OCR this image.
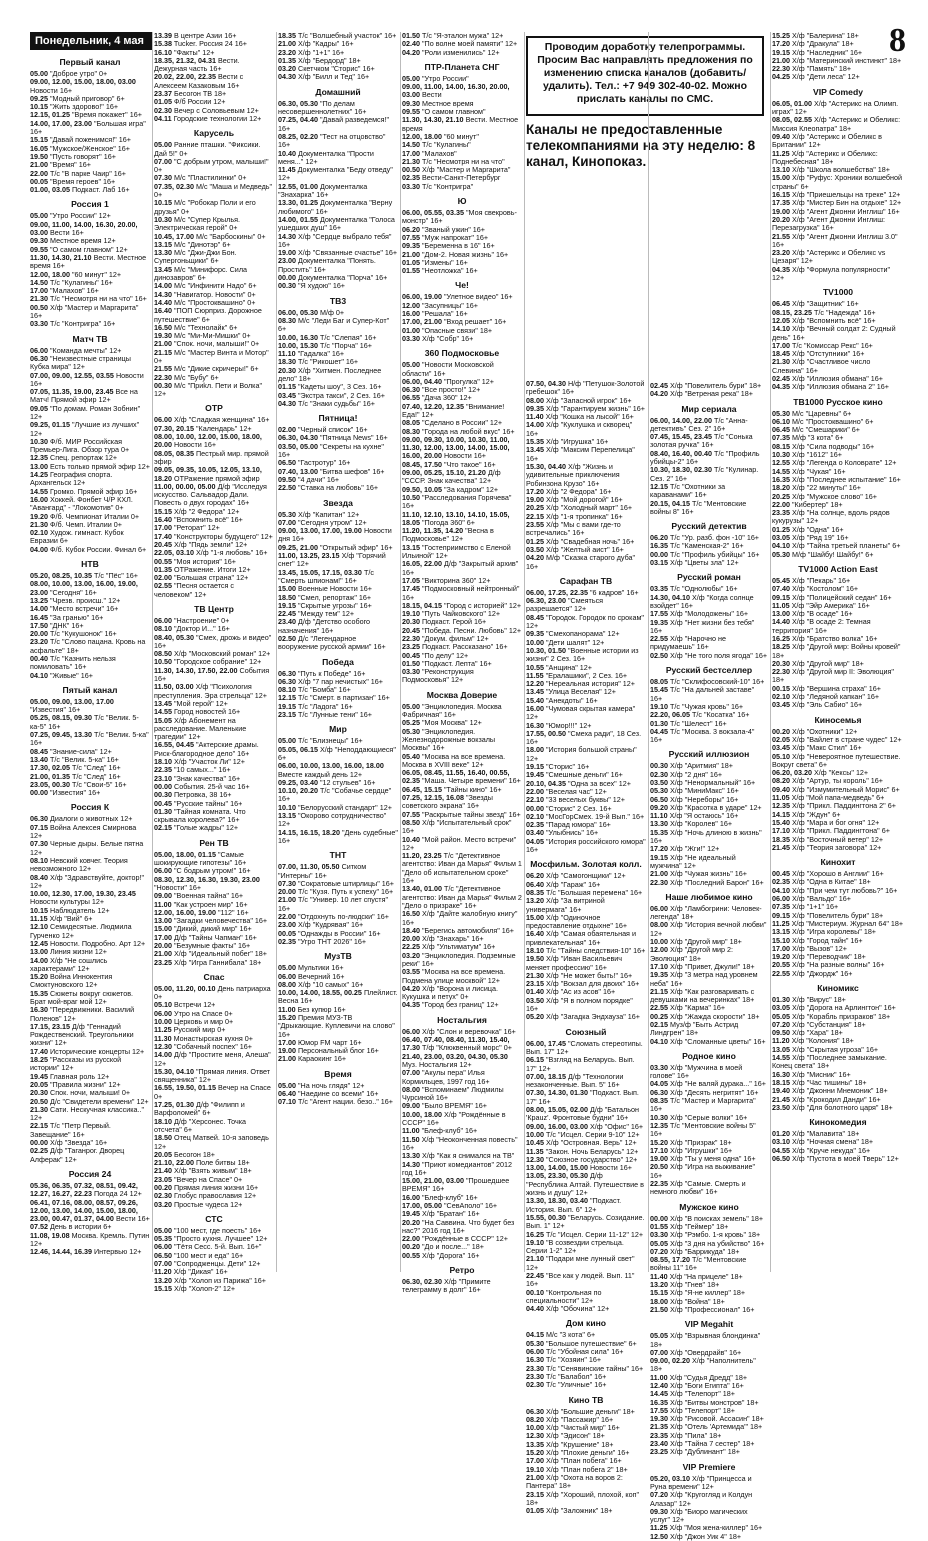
Понедельник, 4 мая	8
Проводим доработку телепрограммы. Просим Вас направлять предложения по изменению списка каналов (добавить/удалить). Тел.: +7 949 302-40-02. Можно прислать каналы по СМС.
Каналы не предоставленные телекомпаниями на эту неделю: 8 канал, Кинопоказ.
Первый канал
05.00 "Доброе утро" 0+
09.00, 12.00, 15.00, 18.00, 03.00 Новости 16+
09.25 "Модный приговор" 6+
10.15 "Жить здорово!" 16+
12.15, 01.25 "Время покажет" 16+
14.00, 17.00, 23.00 "Большая игра" 16+
15.15 "Давай поженимся!" 16+
16.05 "Мужское/Женское" 16+
19.50 "Пусть говорят" 16+
21.00 "Время" 16+
22.00 Т/с "В парке Чаир" 16+
00.05 "Время героев" 16+
01.00, 03.05 Подкаст. Лаб 16+
Россия 1
05.00 "Утро России" 12+
09.00, 11.00, 14.00, 16.30, 20.00, 03.00 Вести 16+
09.30 Местное время 12+
09.55 "О самом главном" 12+
11.30, 14.30, 21.10 Вести. Местное время 16+
12.00, 18.00 "60 минут" 12+
14.50 Т/с "Кулагины" 16+
17.00 "Малахов" 16+
21.30 Т/с "Несмотря ни на что" 16+
00.50 Х/ф "Мастер и Маргарита" 16+
03.30 Т/с "Контригра" 16+
Матч ТВ
06.00 "Команда мечты" 12+
06.30 "Неизвестные страницы Кубка мира" 12+
07.00, 09.00, 12.55, 03.55 Новости 16+
07.05, 11.35, 19.00, 23.45 Все на Матч! Прямой эфир 12+
09.05 "По домам. Роман Зобнин" 12+
09.25, 01.15 "Лучшие из лучших" 12+
10.30 Ф/б. МИР Российская Премьер-Лига. Обзор тура 0+
12.35 Спец. репортаж 12+
13.00 Есть только прямой эфир 12+
14.25 География спорта. Архангельск 12+
14.55 Громко. Прямой эфир 16+
16.00 Хоккей. Фонбет Ч/Р КХЛ. "Авангард" - "Локомотив" 0+
19.20 Ф/б. Чемпионат Италии 0+
21.30 Ф/б. Чемп. Италии 0+
02.10 Худож. гимнаст. Кубок Евразии 6+
04.00 Ф/б. Кубок России. Финал 6+
НТВ
05.20, 08.25, 10.35 Т/с "Пёс" 16+
08.00, 10.00, 13.00, 16.00, 19.00, 23.00 "Сегодня" 16+
13.25 "Чрезв. происш." 12+
14.00 "Место встречи" 16+
16.45 "За гранью" 16+
17.50 "ДНК" 16+
20.00 Т/с "Кукушонок" 16+
23.20 Т/с "Слово пацана. Кровь на асфальте" 18+
00.40 Т/с "Казнить нельзя помиловать" 16+
04.10 "Живые" 16+
Пятый канал
05.00, 09.00, 13.00, 17.00 "Известия" 16+
05.25, 08.15, 09.30 Т/с "Велик. 5-ка-5" 16+
07.25, 09.45, 13.30 Т/с "Велик. 5-ка" 16+
08.45 "Знание-сила" 12+
13.40 Т/с "Велик. 5-ка" 16+
17.30, 02.05 Т/с "След" 16+
21.00, 01.35 Т/с "След" 16+
23.05, 00.30 Т/с "Свои-5" 16+
00.00 "Известия" 16+
Россия К
06.30 Диалоги о животных 12+
07.15 Война Алексея Смирнова 12+
07.30 Черные дыры. Белые пятна 12+
08.10 Невский ковчег. Теория невозможного 12+
08.40 Х/ф "Здравствуйте, доктор!" 12+
10.00, 12.30, 17.00, 19.30, 23.45 Новости культуры 12+
10.15 Наблюдатель 12+
11.15 Х/ф "Вий" 6+
12.10 Семидесятые. Людмила Гурченко 12+
12.45 Новости. Подробно. Арт 12+
13.00 Линия жизни 12+
14.00 Х/ф "Не сошлись характерами" 12+
15.20 Война Иннокентия Смоктуновского 12+
15.35 Сюжеты вокруг сюжетов. Брат мой-враг мой 12+
16.30 "Передвижники. Василий Поленов" 12+
17.15, 23.15 Д/ф "Геннадий Рождественский. Треугольники жизни" 12+
17.40 Исторические концерты 12+
18.25 "Рассказы из русской истории" 12+
19.45 Главная роль 12+
20.05 "Правила жизни" 12+
20.30 Спок. ночи, малыши! 0+
20.50 Д/с "Свидетели времени" 12+
21.30 Сати. Нескучная классика.." 12+
22.15 Т/с "Петр Первый. Завещание" 16+
00.00 Х/ф "Звезда" 16+
02.25 Д/ф "Таганрог. Дворец Алферак" 12+
Россия 24
05.36, 06.35, 07.32, 08.51, 09.42, 12.27, 16.27, 22.23 Погода 24 12+
06.41, 07.16, 08.00, 08.57, 09.26, 12.00, 13.00, 14.00, 15.00, 18.00, 23.00, 00.47, 01.37, 04.00 Вести 16+
07.52 День в истории 6+
11.08, 19.08 Москва. Кремль. Путин 12+
12.46, 14.44, 16.39 Интервью 12+
13.39 В центре Азии 16+
15.38 Tucker. Россия 24 16+
16.10 "Факты" 12+
18.35, 21.32, 04.31 Вести. Дежурная часть 16+
20.02, 22.00, 22.35 Вести с Алексеем Казаковым 16+
23.37 Бесогон ТВ 18+
01.05 Ф/б России 12+
02.30 Вечер с Соловьевым 12+
04.11 Городские технологии 12+
Карусель
05.00 Ранние пташки. "Фиксики. Дай 5!" 0+
07.00 "С добрым утром, малыши!" 0+
07.30 М/с "Пластилинки" 0+
07.35, 02.30 М/с "Маша и Медведь" 0+
10.15 М/с "Робокар Поли и его друзья" 0+
10.30 М/с "Супер Крылья. Электрическая герой" 0+
10.45, 17.00 М/с "Барбоскины" 0+
13.15 М/с "Динотэр" 6+
13.30 М/с "Джи-Джи Бон. Супергоньщики" 6+
13.45 М/с "Минифорс. Сила динозавров" 6+
14.00 М/с "Инфинити Надо" 6+
14.30 "Навигатор. Новости" 0+
14.40 М/с "Простоквашино" 0+
16.40 "ПОП Сюрприз. Дорожное путешествие" 6+
16.50 М/с "Технолайк" 6+
19.30 М/с "Ми-Ми-Мишки" 0+
21.00 "Спок. ночи, малыши!" 0+
21.15 М/с "Мастер Винта и Мотор" 0+
21.55 М/с "Дикие скричеры!" 6+
22.30 М/с "Бубу" 6+
00.30 М/с "Приkл. Пети и Волка" 12+
ОТР
06.00 Х/ф "Сладкая женщина" 16+
07.30, 20.15 "Календарь" 12+
08.00, 10.00, 12.00, 15.00, 18.00, 20.00 Новости 16+
08.05, 08.35 Пестрый мир. прямой эфир
09.05, 09.35, 10.05, 12.05, 13.10, 18.20 ОТРажение прямой эфир
11.00, 00.00, 05.00 Д/ф "Исследуя искусство. Сальвадор Дали. Повесть о двух городах" 16+
15.15 Х/ф "2 Федора" 12+
16.40 "Вспомнить всё" 16+
17.00 "Реторат" 12+
17.40 "Конструкторы будущего" 12+
20.45 Х/ф "Пядь земли" 12+
22.05, 03.10 Х/ф "1-я любовь" 16+
00.55 "Моя история" 16+
01.35 ОТРажение. Итоги 12+
02.00 "Большая страна" 12+
02.55 "Песня остается с человеком" 12+
ТВ Центр
06.00 "Настроение" 0+
08.10 "Доктор И..." 16+
08.40, 05.30 "Смех, дрожь и видео" 16+
08.50 Х/ф "Московский роман" 12+
10.50 "Городское собрание" 12+
11.30, 14.30, 17.50, 22.00 События 16+
11.50, 03.00 Х/ф "Психология преступления. Эра стрельца" 12+
13.45 "Мой герой" 12+
14.55 Город новостей 16+
15.05 Х/ф Абонемент на расследование. Маленькие трагедии" 12+
16.55, 04.45 "Актерские драмы. Риск-благородное дело" 16+
18.10 Х/ф "Участок Ли" 12+
22.35 "10 самых..." 16+
23.10 "Знак качества" 16+
00.00 События. 25-й час 16+
00.30 Петровка, 38 16+
00.45 "Русские тайны" 16+
01.30 "Тайная комната. Что скрывала королева?" 16+
02.15 "Голые жадры" 12+
Рен ТВ
05.00, 18.00, 01.15 "Самые шокирующие гипотезы" 16+
06.00 "С бодрым утром!" 16+
08.30, 12.30, 16.30, 19.30, 23.00 "Новости" 16+
09.00 "Военная тайна" 16+
11.00 "Как устроен мир" 16+
12.00, 16.00, 19.00 "112" 16+
13.00 "Загадки человечества" 16+
15.00 "Дикий, дикий мир" 16+
17.00 Д/ф "Тайны Чапман" 16+
20.00 "Безумные факты" 16+
21.00 Х/ф "Идеальный побег" 18+
23.25 Х/ф "Игра Ганнибала" 18+
Спас
05.00, 11.20, 00.10 День патриарха 0+
05.10 Встречи 12+
06.00 Утро на Спасе 0+
10.00 Церковь и мир 0+
11.25 Русский мир 0+
11.30 Монастырская кухня 0+
12.30 "Собачный поспех" 16+
14.00 Д/ф "Простите меня, Алеша" 12+
15.30, 04.10 "Прямая линия. Ответ священника" 12+
16.55, 19.50, 01.15 Вечер на Спасе 0+
17.25, 01.30 Д/ф "Филипп и Варфоломей" 6+
18.10 Д/ф "Херсонес. Точка отсчета" 6+
18.50 Отец Матвей. 10-я заповедь 12+
20.05 Бесогон 18+
21.10, 22.00 Поле битвы 18+
21.40 Х/ф "Взять живым" 18+
23.05 "Вечер на Спасе" 0+
00.20 Прямая линия жизни 16+
02.30 Глобус православия 12+
03.20 Простые чудеса 12+
СТС
05.00 "100 мест, где поесть" 16+
05.35 "Просто кухня. Лучшее" 12+
06.00 "Тётя Сесс. 5-й. Вып. 16+"
06.50 "100 мест и еда" 16+
07.00 "Сопродженцы. Дети" 12+
11.20 Х/ф "Дикая" 16+
13.20 Х/ф "Холоп из Парижа" 16+
15.15 Х/ф "Холоп-2" 12+
18.35 Т/с "Волшебный участок" 16+
21.00 Х/ф "Кадры" 16+
23.20 Х/ф "1+1" 16+
01.35 Х/ф "Бердорд" 18+
03.20 Скетчком "Сторис" 16+
04.30 Х/ф "Билл и Тед" 16+
Домашний
06.30, 05.30 "По делам несовершеннолетних" 16+
07.25, 04.40 "Давай разведемся!" 16+
08.25, 02.20 "Тест на отцовство" 16+
10.40 Документалка "Прости меня..." 12+
11.45 Документалка "Беду отведу" 12+
12.55, 01.00 Документалка "Знахарка" 16+
13.30, 01.25 Документалка "Верну любимого" 16+
14.00, 01.55 Документалка "Голоса ушедших душ" 16+
14.30 Х/ф "Сердце выбрало тебя" 16+
19.00 Х/ф "Связанные счастье" 16+
23.00 Документалка "Понять. Простить" 16+
00.00 Документалка "Порча" 16+
00.30 "Я худою" 16+
ТВ3
06.00, 05.30 М/ф 0+
08.30 М/с "Леди Баг и Супер-Кот" 6+
10.00, 16.30 Т/с "Слепая" 16+
10.00, 15.30 Т/с "Порча" 16+
11.10 "Гадалка" 16+
18.30 Т/с "Рикошет" 16+
20.30 Х/ф "Хитмен. Последнее дело" 18+
01.15 "Кадеты шоу", 3 Сез. 16+
03.45 "Экстра такси", 2 Сез. 16+
04.30 Т/с "Знаки судьбы" 16+
Пятница!
02.00 "Черный список" 16+
06.30, 04.30 "Пятница News" 16+
03.50, 05.00 "Секреты на кухне" 16+
06.50 "Гастротур" 16+
07.40, 13.00 "Битва шефов" 16+
09.50 "4 дачи" 16+
22.50 "Ставка на любовь" 16+
Звезда
05.30 Х/ф "Капитан" 12+
07.00 "Сегодня утром" 12+
09.00, 13.00, 17.00, 19.00 Новости дня 16+
09.25, 21.00 "Открытый эфир" 16+
11.00, 13.25, 23.15 Х/ф "Горячий снег" 12+
13.45, 15.05, 17.15, 03.30 Т/с "Смерть шпионам!" 16+
15.00 Военные Новости 16+
18.50 "Смел, репортаж" 16+
19.15 "Скрытые угрозы" 16+
22.45 "Между тем" 12+
23.40 Д/ф "Детство особого назначения" 16+
02.50 Д/с "Легендарное вооружение русской армии" 16+
Победа
06.30 "Путь к Победе" 16+
06.30 Х/ф "7 пар нечистых" 16+
08.10 Т/с "Бомба" 16+
12.15 Т/с "Смерт. в партизан" 16+
19.15 Т/с "Ладога" 16+
23.15 Т/с "Лунные тени" 16+
Мир
05.00 Т/с "Близнецы" 16+
05.05, 06.15 Х/ф "Неподдающиеся" 6+
06.00, 10.00, 13.00, 16.00, 18.00 Вместе каждый день 12+
09.25, 03.40 "12 стульев" 16+
10.10, 20.20 Т/с "Собачье сердце" 16+
10.10 "Белорусский стандарт" 12+
13.15 "Окорово сотрудничество" 12+
14.15, 16.15, 18.20 "День судебные" 16+
ТНТ
07.00, 11.30, 05.50 Ситком "Интерны" 16+
07.30 "Сократовые штирлицы" 16+
20.00 Т/с "Кузя. Путь к успеху" 16+
21.00 Т/с "Универ. 10 лет спустя" 16+
22.00 "Отдохнуть по-людски" 16+
23.00 Х/ф "Кудрявая" 16+
00.05 "Однажды в России" 16+
02.35 "Угро ТНТ 2026" 16+
МузТВ
05.00 Мультики 16+
06.00 Вечерний 16+
08.00 Х/ф "10 самых" 16+
10.00, 14.00, 18.55, 00.25 Плейлист. Весна 16+
11.00 Без купюр 16+
15.20 Премия МУЗ-ТВ "Дрыкающие. Куплевичи на слово" 16+
17.00 Юмор FM чарт 16+
19.00 Персональный блог 16+
21.00 Караокинг 16+
Время
05.00 "На ночь глядя" 12+
06.40 "Наедине со всеми" 16+
07.10 Т/с "Агент нации. безо.." 16+
01.50 Т/с "Я-эталон мужа" 12+
02.40 "По волне моей памяти" 12+
04.20 "Роли изменились" 12+
ПТР-Планета СНГ
05.00 "Утро России"
09.00, 11.00, 14.00, 16.30, 20.00, 03.00 Вести
09.30 Местное время
09.55 "О самом главном"
11.30, 14.30, 21.10 Вести. Местное время
12.00, 18.00 "60 минут"
14.50 Т/с "Кулагины"
17.00 "Малахов"
21.30 Т/с "Несмотря ни на что"
00.50 Х/ф "Мастер и Маргарита"
02.35 Вести-Санкт-Петербург
03.30 Т/с "Контригра"
Ю
06.00, 05.55, 03.35 "Моя свекровь-монстр" 16+
06.20 "Званый ужин" 16+
07.55 "Муж напрокат" 16+
09.35 "Беременна в 16" 16+
21.00 "Дом-2. Новая жизнь" 16+
01.05 "Измены" 16+
01.55 "Неотложка" 16+
Че!
06.00, 19.00 "Улетное видео" 16+
12.00 "Засупницы" 16+
16.00 "Решала" 16+
17.00, 21.00 "Вход решает" 16+
01.00 "Опасные связи" 18+
03.30 Х/ф "Собр" 16+
360 Подмосковье
05.00 "Новости Московской области" 16+
06.00, 04.40 "Прогулка" 12+
06.30 "Все просто!" 12+
06.55 "Дача 360" 12+
07.40, 12.20, 12.35 "Внимание! Еда!" 12+
08.05 "Сделано в России" 12+
08.30 "Города на любой вкус" 16+
09.00, 09.30, 10.00, 10.30, 11.00, 11.30, 12.00, 13.00, 14.00, 15.00, 16.00, 20.00 Новости 16+
08.45, 17.50 "Что такое" 16+
09.00, 05.25, 15.10, 21.20 Д/ф "СССР. Знак качества" 12+
09.50, 10.05 "За кадром" 12+
10.50 "Расследования Горячева" 16+
11.10, 12.10, 13.10, 14.10, 15.05, 18.05 "Погода 360" 6+
11.20, 11.35, 14.20 "Весна в Подмосковье" 12+
13.15 "Гостеприимство с Еленой Ильиной" 12+
16.05, 22.00 Д/ф "Закрытый архив" 16+
17.05 "Викторина 360" 12+
17.45 "Подмосковный нейтронный" 16+
18.15, 04.15 "Город с историей" 12+
19.10 "Путь Чайковского" 12+
20.30 Подкаст. Герой 16+
20.45 "Победа. Песни. Любовь" 12+
22.30 "Докум. фильм" 12+
23.25 Подкаст. Рассказано" 16+
00.45 "По делу" 12+
01.50 "Подкаст. Лепта" 16+
03.30 "Реконструкция Подмосковья" 12+
Москва Доверие
05.00 "Энциклопедия. Москва Фабричная" 16+
05.25 "Моя Москва" 12+
05.30 "Энциклопедия. Железнодорожные вокзалы Москвы" 16+
05.40 "Москва на все времена. Москва в XVIII веке" 12+
06.05, 08.45, 11.55, 16.40, 00.55, 02.35 "Маша. Четыре времени" 16+
06.45, 15.15 "Тайны кино" 16+
07.25, 12.15, 16.08 "Звезды советского экрана" 16+
07.55 "Раскрытые тайны звезд" 16+
08.50 Х/ф "Испытательный срок" 16+
10.40 "Мой район. Место встречи" 12+
11.20, 23.25 Т/с "Детективное агентство: Иван да Марья" Фильм 1 "Дело об испытательном сроке" 16+
13.40, 01.00 Т/с "Детективное агентство: Иван да Марья" Фильм 2 "Дело о призраке" 16+
16.50 Х/ф "Дайте жалобную книгу" 16+
18.40 "Берегись автомобиля" 16+
20.00 Х/ф "Знахарь" 16+
22.25 Х/ф "Ультиматум" 16+
03.20 "Энциклопедия. Подземные реки" 16+
03.55 "Москва на все времена. Подмена улице москвой" 12+
04.20 Х/ф "Ворона и лисица. Кукушка и петух" 0+
04.35 "Город без границ" 12+
Ностальгия
06.00 Х/ф "Слон и веревочка" 16+
06.40, 07.40, 08.40, 11.30, 15.40, 17.30 Т/ф "Клюквенный морс" 0+
21.40, 23.00, 03.20, 04.30, 05.30 Муз. Ностальгия 12+
07.00 "Акулы пера" Илья Кормильцев, 1997 год 16+
08.00 "Вспоминаем" Людмилы Чурсиной 16+
09.00 "Было ВРЕМЯ" 16+
10.00, 18.00 Х/ф "Рождённые в СССР" 16+
11.00 "Блеф-клуб" 16+
11.50 Х/ф "Неоконченная повесть" 16+
13.30 Х/ф "Как я снимался на ТВ"
14.30 "Приют комедиантов" 2012 год 16+
15.00, 21.00, 03.00 "Прошедшее ВРЕМЯ" 16+
16.00 "Блеф-клуб" 16+
17.00, 05.00 "СевАполо" 16+
19.45 Х/ф "Братан" 16+
20.20 "На Саввина. Что будет без нас?" 2016 год 16+
22.00 "Рождённые в СССР" 12+
00.20 "До и после..." 18+
00.55 Х/ф "Дорога" 16+
Ретро
06.30, 02.30 Х/ф "Примите телеграмму в долг" 16+
07.50, 04.30 Н/ф "Петушок-Золотой гребешок" 16+
08.00 Х/ф "Запасной игрок" 16+
09.35 Х/ф "Гарантируем жизнь" 16+
11.40 Х/ф "Кошка на лысой" 16+
14.00 Х/ф "Куклушка и скворец" 16+
15.35 Х/ф "Игрушка" 16+
13.45 Х/ф "Максим Перепелица" 16+
15.30, 04.40 Х/ф "Жизнь и удивительные приключения Робинзона Крузо" 16+
17.20 Х/ф "2 Федора" 16+
19.00 Х/ф "Мой дорогой" 16+
20.25 Х/ф "Холодный март" 16+
22.15 Х/ф "1-я тропинка" 16+
23.55 Х/ф "Мы с вами где-то встречались" 16+
01.25 Х/ф "Свадебная ночь" 16+
03.50 Х/ф "Желтый аист" 16+
04.20 М/ф "Сказка старого дуба" 16+
Сарафан ТВ
06.00, 17.25, 22.35 "6 кадров" 16+
06.30, 23.00 "Смеяться разрешается" 12+
08.45 "Городок. Городок по срокам" 12+
09.35 "Смехопанорама" 12+
10.00 "Дети шалят" 12+
10.30, 01.50 "Военные истории из жизни" 2 Сез. 16+
10.55 "Анщина" 12+
11.55 "Ералашики", 2 Сез. 16+
12.20 "Нереальная история" 12+
13.45 "Улица Веселая" 12+
15.40 "Анекдоты" 16+
16.00 "Чумовая скрытая камера" 12+
16.30 "Юмор!!!" 12+
17.55, 00.50 "Смеха ради", 18 Сез. 16+
18.00 "История большой страны" 12+
19.15 "Сторис" 16+
19.45 "Смешные деньги" 16+
20.10, 04.35 "Одна за всех" 12+
22.00 "Веселая час" 12+
22.10 "33 веселых буквы" 12+
00.00 "Сторис" 2 Сез. 16+
02.10 "МосГорСмех. 19-й Вып." 16+
02.35 "Парад юмора" 16+
03.40 "Улыбнись" 16+
04.05 "История российского юмора" 16+
Мосфильм. Золотая колл.
06.20 Х/ф "Самогонщики" 12+
06.40 Х/ф "Гараж" 16+
08.35 Т/с "Большая перемена" 16+
13.20 Х/ф "За витриной универмага" 16+
15.00 Х/ф "Одиночное предоставление отдыхне" 16+
16.40 Х/ф "Самая обаятельная и привлекательная" 16+
18.10 Т/с "Тайны следствия-10" 16+
19.50 Х/ф "Иван Васильевич меняет профессию" 16+
21.30 Х/ф "Не может быть!" 16+
23.15 Х/ф "Вокзал для двоих" 16+
01.40 Х/ф "Ас из асов" 16+
03.50 Х/ф "Я в полном порядке" 16+
05.20 Х/ф "Загадка Эндхауза" 16+
Союзный
06.00, 17.45 "Сломать стереотипы. Вып. 17" 12+
06.15 "Взгляд на Беларусь. Вып. 17" 12+
07.00, 18.15 Д/ф "Технологии незаконченные. Вып. 5" 16+
07.30, 14.30, 01.30 "Подкаст. Вып. 17" 16+
08.00, 15.05, 02.00 Д/ф "Батальон 'Краuz'. Фронтовые будни" 16+
09.00, 16.00, 03.00 Х/ф "Офис" 16+
10.00 Т/с "Исцел. Серии 9-10" 12+
10.45 Х/ф "Островная. Верь" 12+
11.35 "Закон. Ночь Беларусь" 12+
12.30 "Союзное государство" 12+
13.00, 14.00, 15.00 Новости 16+
13.05, 23.30, 05.30 Д/ф "Республика Алтай. Путешествие в жизнь и душу" 12+
13.30, 18.30, 03.40 "Подкаст. История. Вып. 6" 12+
15.55, 00.30 "Беларусь. Созидание. Вып. 1" 12+
16.25 Т/с "Исцел. Серии 11-12" 12+
19.10 "В созвездии стрельца. Серии 1-2" 12+
21.10 "Подари мне лунный свет" 12+
22.45 "Все как у людей. Вып. 11" 16+
00.10 "Контрольная по специальности" 12+
04.40 Х/ф "Обочина" 12+
Дом кино
04.15 М/с "3 кота" 6+
05.30 "Большое путешествие" 6+
06.00 Т/с "Убойная сила" 16+
16.30 Т/с "Хозяин" 16+
23.30 Т/с "Сенявинские тайны" 16+
23.30 Т/с "Балабол" 16+
02.30 Т/с "Уличные" 16+
Кино ТВ
06.30 Х/ф "Большие деньги" 18+
08.20 Х/ф "Пассажир" 16+
10.00 Х/ф "Чистый мир" 16+
12.30 Х/ф "Эдисон" 18+
13.35 Х/ф "Крушение" 18+
15.20 Х/ф "Плохие деньги" 16+
17.00 Х/ф "План побега" 16+
19.10 Х/ф "План побега 2" 18+
21.00 Х/ф "Охота на воров 2: Пантера" 18+
23.15 Х/ф "Хороший, плохой, коп" 18+
01.05 Х/ф "Заложник" 18+
02.45 Х/ф "Повелитель бури" 18+
04.20 Х/ф "Ветреная река" 18+
Мир сериала
06.00, 14.00, 22.00 Т/с "Анна-детективъ" Сез. 2" 16+
07.45, 15.45, 23.45 Т/с "Сонька золотая ручка" 16+
08.40, 16.40, 00.40 Т/с "Профиль убийцы-2" 16+
10.30, 18.30, 02.30 Т/с "Кулинар. Сез. 2" 16+
12.15 Т/с "Охотники за караванами" 16+
20.15, 04.15 Т/с "Ментовские войны 8" 16+
Русский детектив
06.20 Т/с "Ур. разб. фон -10" 16+
16.35 Т/с "Каменская-2" 16+
00.00 Т/с "Профиль убийцы" 16+
03.15 Х/ф "Цветы зла" 12+
Русский роман
03.35 Т/с "Однолюбы" 16+
14.30, 04.10 Х/ф "Когда солнце взойдет" 16+
17.55 Х/ф "Молодожены" 16+
19.35 Х/ф "Нет жизни без тебя" 16+
22.55 Х/ф "Нарочно не придумаешь" 16+
02.50 Х/ф "Не того поля ягода" 16+
Русский бестселлер
08.05 Т/с "Склифосовский-10" 16+
15.45 Т/с "На дальней заставе" 16+
19.10 Т/с "Чужая кровь" 16+
22.20, 06.05 Т/с "Косатка" 16+
01.30 Т/с "Шелест" 16+
04.45 Т/с "Москва. 3 вокзала-4" 16+
Русский иллюзион
00.30 Х/ф "Аритмия" 18+
02.30 Х/ф "2 дня" 16+
03.50 Х/ф "Ненормальный" 16+
05.30 Х/ф "МиниМакс" 16+
06.50 Х/ф "Нереборы" 16+
09.20 Х/ф "Красотка в ударе" 12+
11.10 Х/ф "Я остаюсь" 16+
13.30 Х/ф "Королев" 16+
15.35 Х/ф "Ночь длиною в жизнь" 16+
17.20 Х/ф "Жги!" 12+
19.15 Х/ф "Не идеальный мужчина" 12+
21.00 Х/ф "Чужая жизнь" 16+
22.30 Х/ф "Последний Барон" 16+
Наше любимое кино
06.00 Х/ф "Ламбогрини: Человек-легенда" 18+
08.00 Х/ф "История вечной любви" 12+
10.00 Х/ф "Другой мир" 18+
12.00 Х/ф "Другой мир 2: Эволюция" 18+
17.10 Х/ф "Привет, Джули!" 18+
19.35 Х/ф "3 метра над уровнем неба" 16+
21.15 Х/ф "Как разговаривать с девушками на вечеринках" 18+
22.55 Х/ф "Карма" 16+
00.25 Х/ф "Жажда скорости" 18+
02.15 Муз/ф "Быть Астрид Линдгрен" 18+
04.10 Х/ф "Сломанные цветы" 16+
Родное кино
03.30 Х/ф "Мужчина в моей голове" 16+
04.05 Х/ф "Не валяй дурака..." 16+
06.30 Х/ф "Десять негритят" 16+
08.35 Т/с "Мастер и Маргарита" 16+
10.30 Х/ф "Серые волки" 16+
12.35 Т/с "Ментовские войны 5" 16+
15.20 Х/ф "Призрак" 18+
17.10 Х/ф "Игрушки" 16+
19.00 Х/ф "Ты у меня одна" 16+
20.50 Х/ф "Игра на выживание" 16+
22.35 Х/ф "Самые. Смерть и немного любви" 16+
Мужское кино
00.00 Х/ф "В поисках земель" 18+
01.55 Х/ф "Геймер" 18+
03.30 Х/ф "Рэмбо. 1-я кровь" 18+
05.05 Х/ф "3 дня на убийство" 16+
07.20 Х/ф "Баррикуда" 18+
08.55, 17.20 Т/с "Ментовские войны 11" 16+
11.40 Х/ф "На прицеле" 18+
13.20 Х/ф "Гнев" 18+
15.15 Х/ф "Я-не киллер" 18+
18.00 Х/ф "Война" 18+
21.50 Х/ф "Профессионал" 16+
VIP Megahit
05.05 Х/ф "Взрывная блондинка" 18+
07.00 Х/ф "Овердрайв" 16+
09.00, 02.20 Х/ф "Наполнитель" 18+
11.00 Х/ф "Судья Дредд" 18+
12.40 Х/ф "Боги Египта" 16+
14.45 Х/ф "Телепорт" 18+
16.35 Х/ф "Битвы монстров" 18+
17.55 Х/ф "Телепорт" 18+
19.30 Х/ф "Рисовой. Ассасин" 18+
21.35 Х/ф "Отель 'Артемида'" 18+
23.35 Х/ф "Пила" 18+
23.40 Х/ф "Тайна 7 сестер" 18+
23.25 Х/ф "Дублинант" 18+
VIP Premiere
05.20, 03.10 Х/ф "Принцесса и Руна времени" 12+
07.20 Х/ф "Кругогляд и Колдун Алазар" 12+
09.30 Х/ф "Биоро магических услуг" 12+
11.25 Х/ф "Моя жена-киллер" 16+
12.50 Х/ф "Джон Уик 4" 18+
15.25 Х/ф "Балерина" 18+
17.20 Х/ф "Дракула" 18+
19.15 Х/ф "Наследник" 16+
21.00 Х/ф "Материнский инстинкт" 18+
22.30 Х/ф "Память" 18+
04.25 Х/ф "Дети леса" 12+
VIP Comedy
06.05, 01.00 Х/ф "Астерикс на Олимп. играх" 12+
08.05, 02.55 Х/ф "Астерикс и Обеликс: Миссия Клеопатра" 18+
09.40 Х/ф "Астерикс и Обеликс в Британии" 12+
11.25 Х/ф "Астерикс и Обеликс: Поднебесная" 18+
13.10 Х/ф "Школа волшебства" 18+
15.00 Х/ф "Руфус: Хроники волшебной страны" 6+
16.15 Х/ф "Приешельцы на треке" 12+
17.35 Х/ф "Мистер Бин на отдыхе" 12+
19.00 Х/ф "Агент Джонни Инглиш" 16+
20.20 Х/ф "Агент Джонни Инглиш: Перезагрузка" 16+
21.55 Х/ф "Агент Джонни Инглиш 3.0" 16+
23.20 Х/ф "Астерикс и Обеликс vs Цезаря" 12+
04.35 Х/ф "Формула популярности" 12+
TV1000
06.45 Х/ф "Защитник" 16+
08.15, 23.25 Т/с "Надежда" 16+
12.05 Х/ф "Вспомнить всё" 16+
14.10 Х/ф "Вечный солдат 2: Судный день" 16+
17.00 Т/с "Комиссар Рекс" 16+
18.45 Х/ф "Отступники" 16+
21.30 Х/ф "Счастливое число Слевина" 16+
02.45 Х/ф "Иллюзия обмана" 16+
04.35 Х/ф "Иллюзия обмана 2" 16+
TB1000 Русское кино
05.30 М/с "Царевны" 6+
06.10 М/с "Простоквашино" 6+
06.45 М/с "Смешарики" 6+
07.35 М/ф "3 кота" 6+
08.15 Х/ф "Сила подводы" 16+
10.30 Х/ф "1612" 16+
12.55 Х/ф "Легенда о Коловрате" 12+
14.55 Х/ф "Чукая" 16+
16.35 Х/ф "Последнее испытание" 16+
18.20 Х/ф "22 минуты" 16+
20.25 Х/ф "Мужское слово" 16+
22.00 "Кибертер" 18+
23.35 Х/ф "На солнце, вдоль рядов кукурузы" 12+
01.25 Х/ф "Одна" 16+
03.05 Х/ф "Ряд 19" 16+
04.10 Х/ф "Тайна третьей планеты" 6+
05.30 М/ф "Шайбу! Шайбу!" 6+
TV1000 Action East
05.45 Х/ф "Пекарь" 16+
07.40 Х/ф "Костолом" 16+
09.15 Х/ф "Полицейский седан" 16+
11.05 Х/ф "Эйр Америка" 16+
13.00 Х/ф "В осаде" 16+
14.40 Х/ф "В осаде 2: Темная территория" 16+
16.25 Х/ф "Братство волка" 16+
18.25 Х/ф "Другой мир: Войны кровей" 18+
20.30 Х/ф "Другой мир" 18+
22.30 Х/ф "Другой мир II: Эволюция" 18+
00.15 Х/ф "Вершина страха" 16+
02.10 Х/ф "Ледяной капкан" 16+
03.45 Х/ф "Эль Сабио" 16+
Киносемья
00.20 Х/ф "Охотники" 12+
02.05 Х/ф "Вайлет в стране чудес" 12+
03.45 Х/ф "Макс Стил" 16+
05.10 Х/ф "Невероятное путешествие. Вокруг света" 6+
06.20, 03.20 Х/ф "Кексы" 12+
08.20 Х/ф "Артур, ты король" 16+
09.40 Х/ф "Измумительный Морис" 6+
11.05 Х/ф "Мой папа-медведь" 6+
12.35 Х/ф "Прикл. Паддингтона 2" 6+
14.15 Х/ф "Ждун" 6+
15.40 Х/ф "Мара и бог огня" 12+
17.10 Х/ф "Прикл. Паддингтона" 6+
18.35 Х/ф "Восточный ветер" 12+
21.45 Х/ф "Теория заговора" 12+
Кинохит
00.45 Х/ф "Хорошо в Англии" 16+
02.35 Х/ф "Одна в Китае" 18+
04.10 Х/ф "При чем тут любовь?" 16+
06.00 Х/ф "Вальдо" 16+
07.35 Х/ф "1+1" 16+
09.15 Х/ф "Повелитель бури" 18+
11.25 Х/ф "Мистериум. Журнал 64" 18+
13.15 Х/ф "Игра королевы" 18+
15.10 Х/ф "Город тайн" 16+
17.00 Х/ф "Вызов" 12+
19.20 Х/ф "Переводчик" 18+
20.55 Х/ф "На разные волны" 16+
22.55 Х/ф "Джордж" 16+
Киномикс
01.30 Х/ф "Вирус" 18+
03.05 Х/ф "Дорога на Арлингтон" 16+
05.05 Х/ф "Корабль призраков" 18+
07.20 Х/ф "Субстанция" 18+
09.50 Х/ф "Хара" 18+
11.20 Х/ф "Колония" 18+
13.05 Х/ф "Скрытая угроза" 16+
14.55 Х/ф "Последнее замыкание. Конец света" 18+
16.30 Х/ф "Мисник" 16+
18.15 Х/ф "Час тишины" 18+
19.40 Х/ф "Джонни Мнемоник" 18+
21.45 Х/ф "Крокодил Данди" 16+
23.50 Х/ф "Для болотного царя" 18+
Кинокомедия
01.20 Х/ф "Малавита" 18+
03.10 Х/ф "Ночная смена" 18+
04.55 Х/ф "Круче некуда" 16+
06.50 Х/ф "Пустота в моей Тверь" 12+
